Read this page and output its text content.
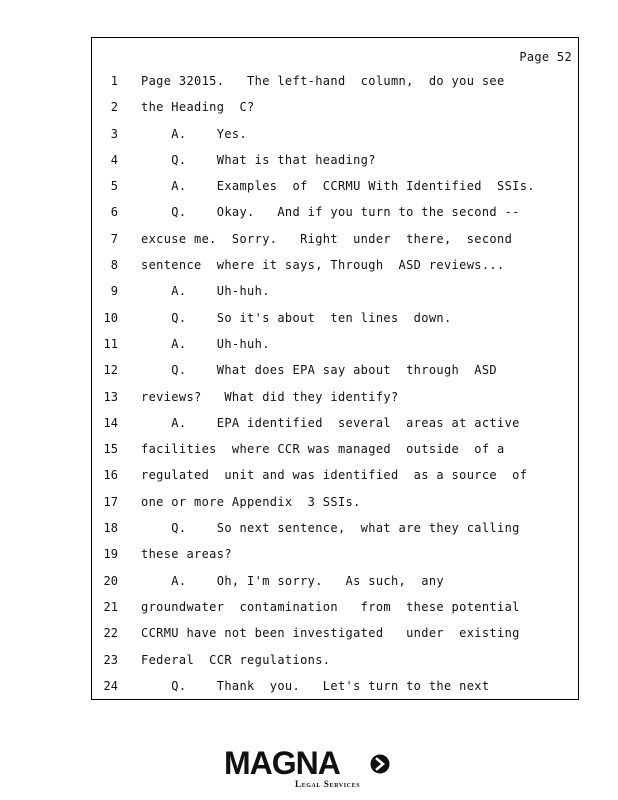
Page 52
1 Page 32015.   The left-hand  column,  do you see
2 the Heading  C?
3 A.    Yes.
4 Q.    What is that heading?
5 A.    Examples  of  CCRMU With Identified  SSIs.
6 Q.    Okay.   And if you turn to the second --
7 excuse me.  Sorry.   Right  under  there,  second
8 sentence  where it says, Through  ASD reviews...
9 A.    Uh-huh.
10 Q.    So it's about  ten lines  down.
11 A.    Uh-huh.
12 Q.    What does EPA say about  through  ASD
13 reviews?   What did they identify?
14 A.    EPA identified  several  areas at active
15 facilities  where CCR was managed  outside  of a
16 regulated  unit and was identified  as a source  of
17 one or more Appendix  3 SSIs.
18 Q.    So next sentence,  what are they calling
19 these areas?
20 A.    Oh, I'm sorry.   As such,  any
21 groundwater  contamination   from  these potential
22 CCRMU have not been investigated   under  existing
23 Federal  CCR regulations.
24 Q.    Thank  you.   Let's turn to the next
MAGNA
Legal Services
